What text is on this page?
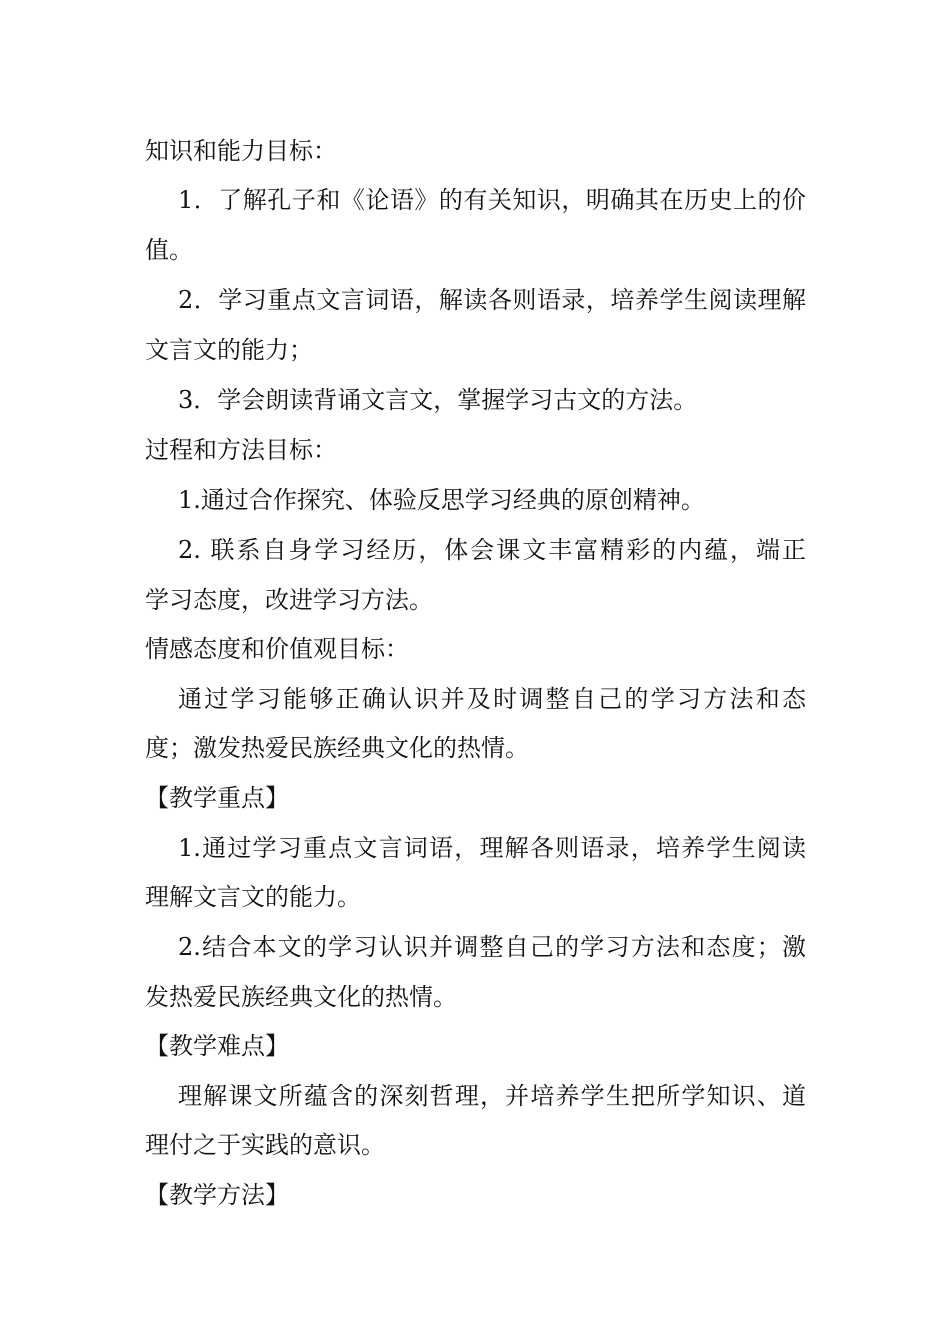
知识和能力目标：
1．了解孔子和《论语》的有关知识，明确其在历史上的价
值。
2．学习重点文言词语，解读各则语录，培养学生阅读理解
文言文的能力；
3．学会朗读背诵文言文，掌握学习古文的方法。
过程和方法目标：
1.通过合作探究、体验反思学习经典的原创精神。
2. 联系自身学习经历，体会课文丰富精彩的内蕴，端正
学习态度，改进学习方法。
情感态度和价值观目标：
通过学习能够正确认识并及时调整自己的学习方法和态
度；激发热爱民族经典文化的热情。
【教学重点】
1.通过学习重点文言词语，理解各则语录，培养学生阅读
理解文言文的能力。
2.结合本文的学习认识并调整自己的学习方法和态度；激
发热爱民族经典文化的热情。
【教学难点】
理解课文所蕴含的深刻哲理，并培养学生把所学知识、道
理付之于实践的意识。
【教学方法】
